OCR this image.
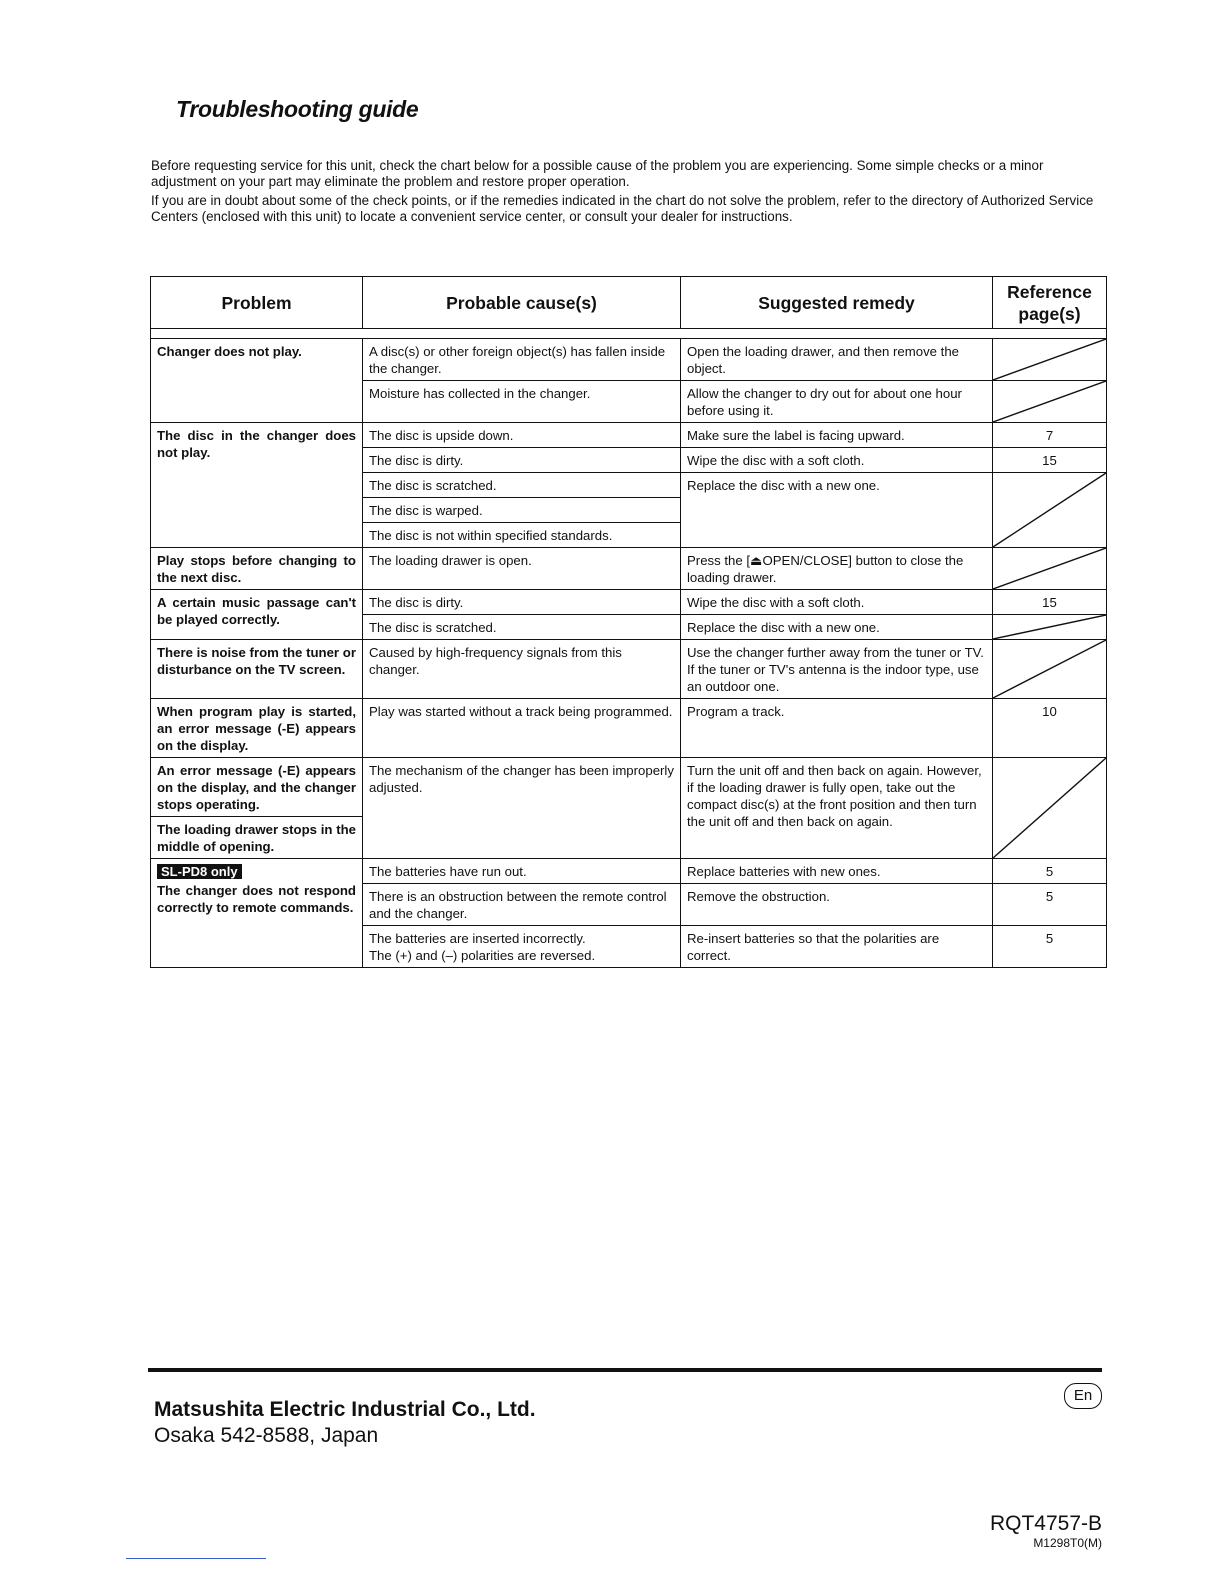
Troubleshooting guide

Before requesting service for this unit, check the chart below for a possible cause of the problem you are experiencing. Some simple checks or a minor adjustment on your part may eliminate the problem and restore proper operation.

If you are in doubt about some of the check points, or if the remedies indicated in the chart do not solve the problem, refer to the directory of Authorized Service Centers (enclosed with this unit) to locate a convenient service center, or consult your dealer for instructions.

Problem	Probable cause(s)	Suggested remedy	Reference page(s)

Changer does not play.	A disc(s) or other foreign object(s) has fallen inside the changer.	Open the loading drawer, and then remove the object.	

	Moisture has collected in the changer.	Allow the changer to dry out for about one hour before using it.	

The disc in the changer does not play.	The disc is upside down.	Make sure the label is facing upward.	7
	The disc is dirty.	Wipe the disc with a soft cloth.	15
	The disc is scratched.	Replace the disc with a new one.	

	The disc is warped.		
	The disc is not within specified standards.		
Play stops before changing to the next disc.	The loading drawer is open.	Press the [⏏OPEN/CLOSE] button to close the loading drawer.	

A certain music passage can't be played correctly.	The disc is dirty.	Wipe the disc with a soft cloth.	15
	The disc is scratched.	Replace the disc with a new one.	

There is noise from the tuner or disturbance on the TV screen.	Caused by high-frequency signals from this changer.	Use the changer further away from the tuner or TV.
If the tuner or TV's antenna is the indoor type, use an outdoor one.

When program play is started, an error message (-E) appears on the display.	Play was started without a track being programmed.	Program a track.	10
An error message (-E) appears on the display, and the changer stops operating.	The mechanism of the changer has been improperly adjusted.	Turn the unit off and then back on again. However, if the loading drawer is fully open, take out the compact disc(s) at the front position and then turn the unit off and then back on again.	

The loading drawer stops in the middle of opening.			

SL-PD8 only
The changer does not respond correctly to remote commands.	The batteries have run out.	Replace batteries with new ones.	5
	There is an obstruction between the remote control and the changer.	Remove the obstruction.	5

	The batteries are inserted incorrectly.
The (+) and (–) polarities are reversed.	Re-insert batteries so that the polarities are correct.	5
Matsushita Electric Industrial Co., Ltd.
Osaka 542-8588, Japan
En
RQT4757-B
M1298T0(M)
